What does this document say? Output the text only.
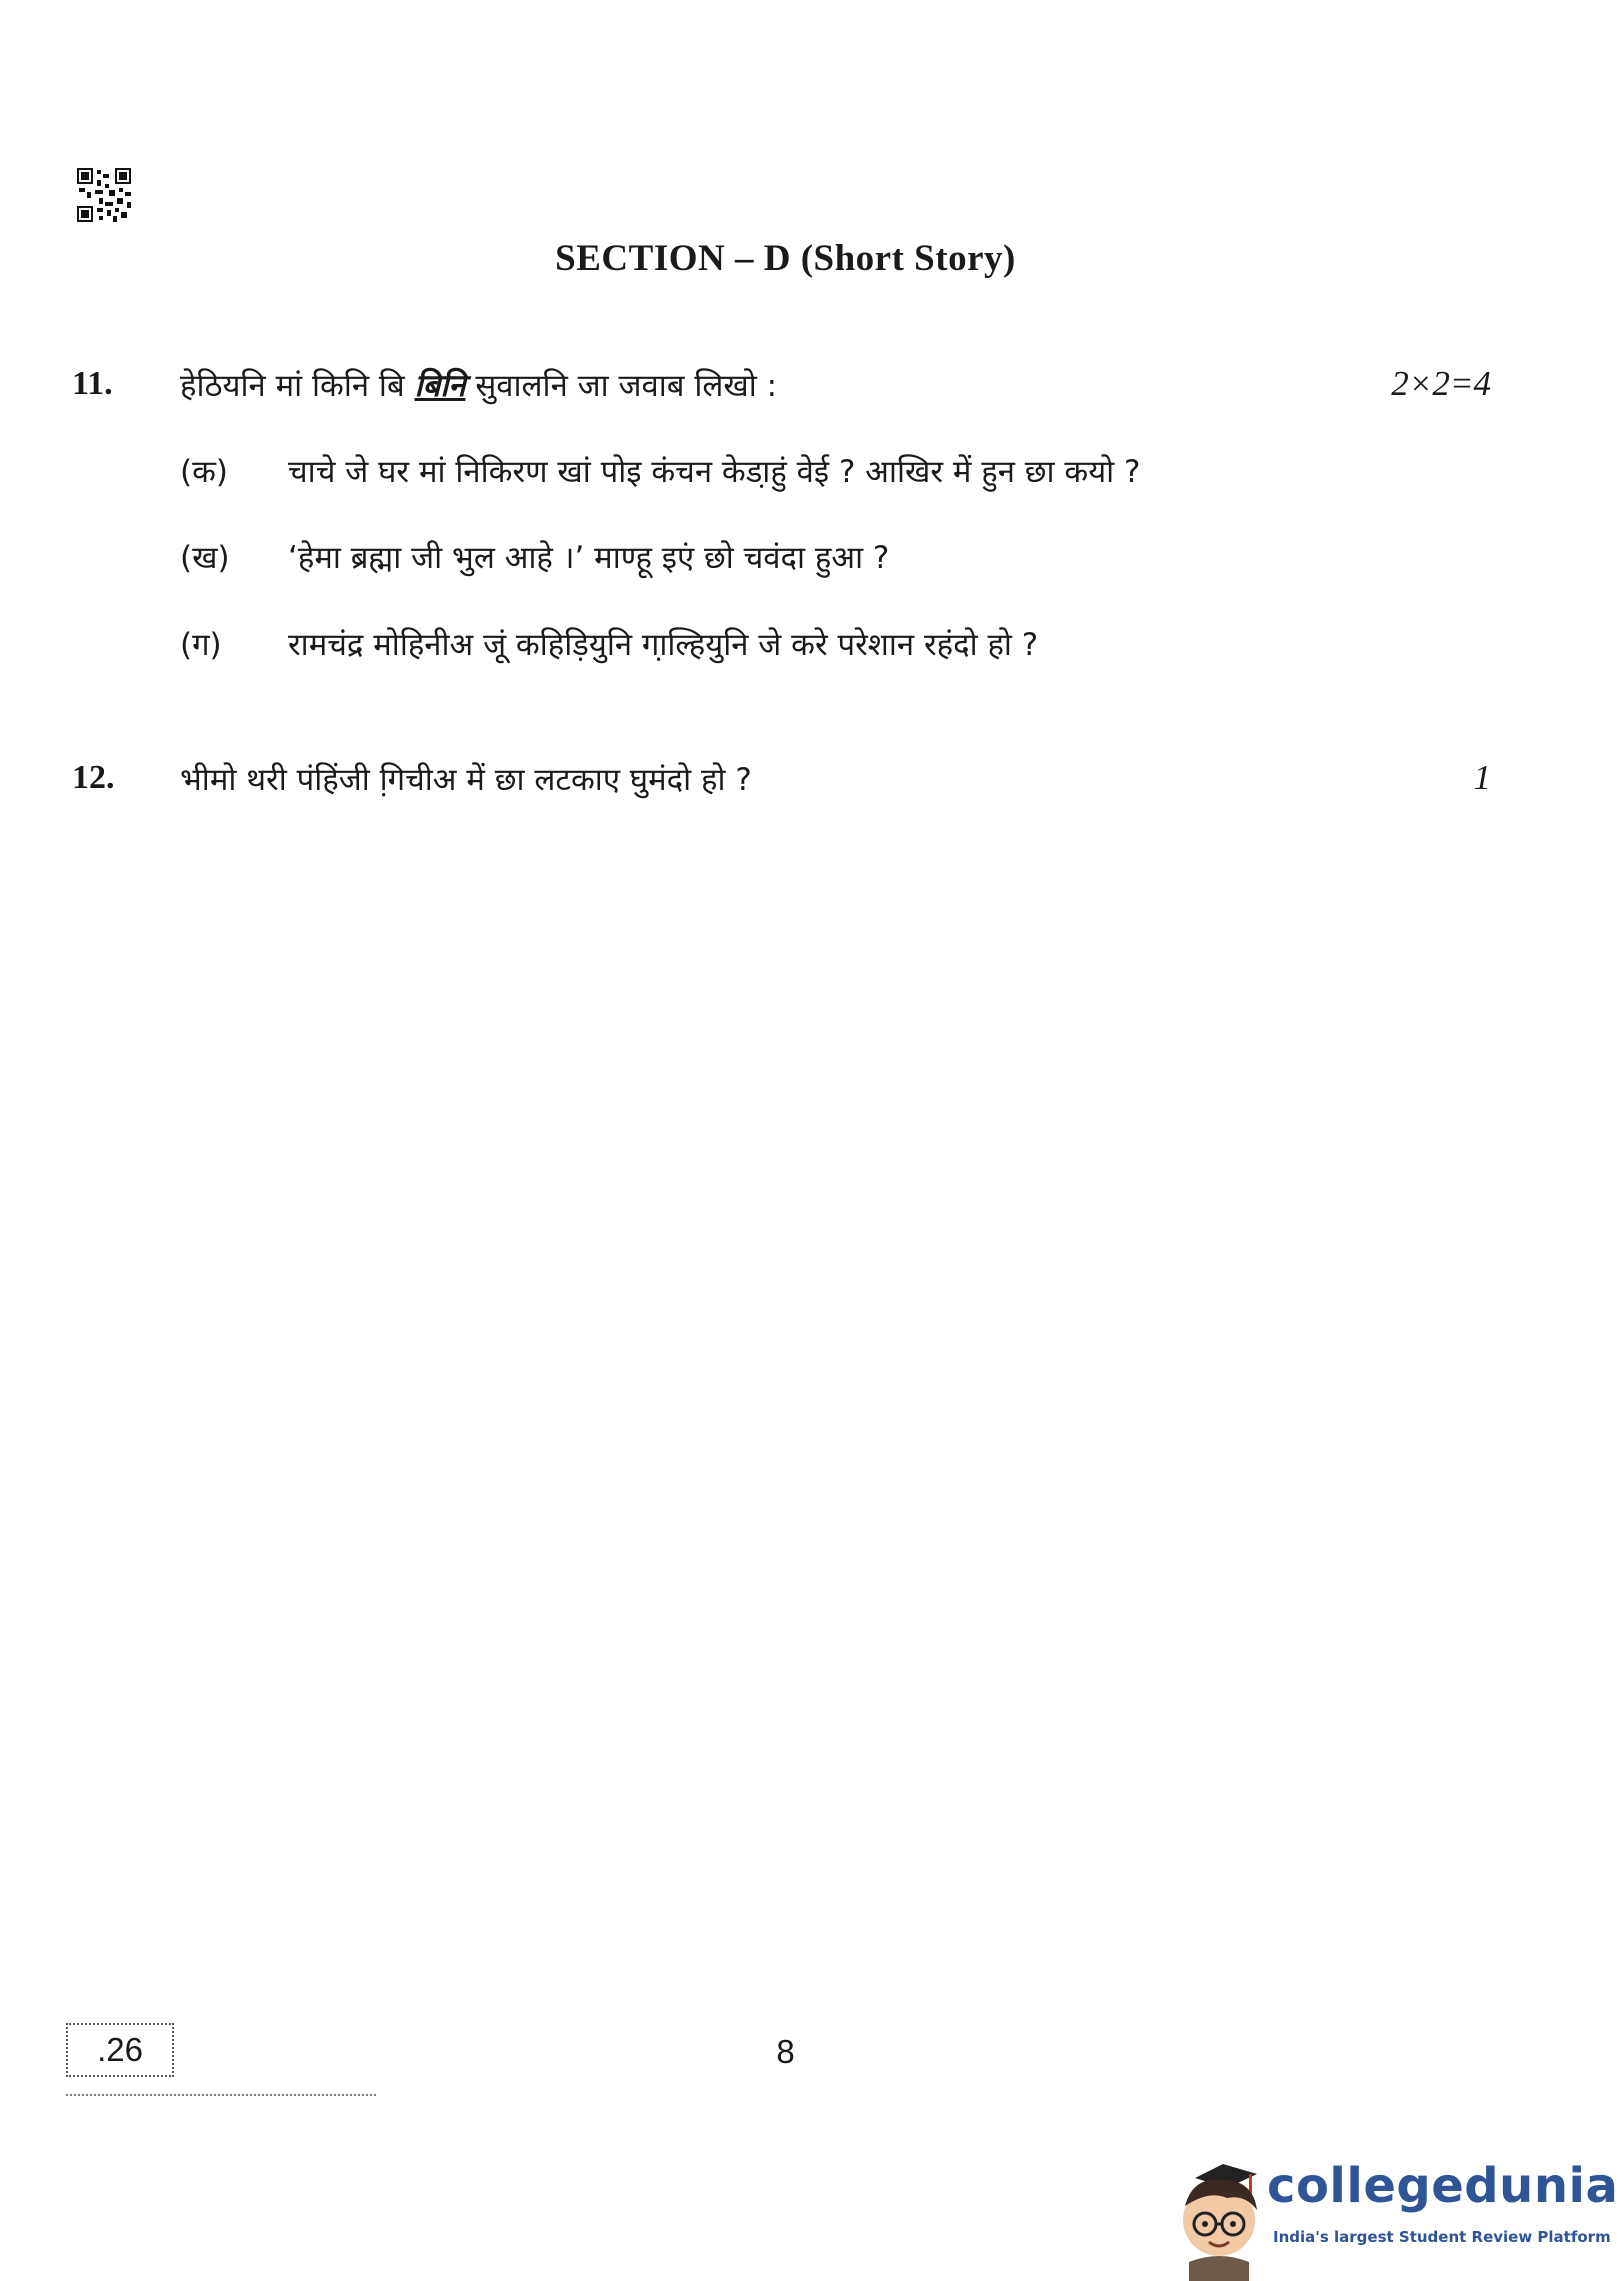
SECTION – D (Short Story)
11. हेठियनि मां किनि बि बिनि सुवालनि जा जवाब लिखो :	2×2=4
(क) चाचे जे घर मां निकिरण खां पोइ कंचन केडा़हुं वेई ? आखिर में हुन छा कयो ?
(ख) ‘हेमा ब्रह्मा जी भुल आहे ।’ माण्हू इएं छो चवंदा हुआ ?
(ग) रामचंद्र मोहिनीअ जूं कहिड़ियुनि गा़ल्हियुनि जे करे परेशान रहंदो हो ?
12. भीमो थरी पंहिंजी गि़चीअ में छा लटकाए घुमंदो हो ?	1
.26	8
collegedunia
India's largest Student Review Platform
